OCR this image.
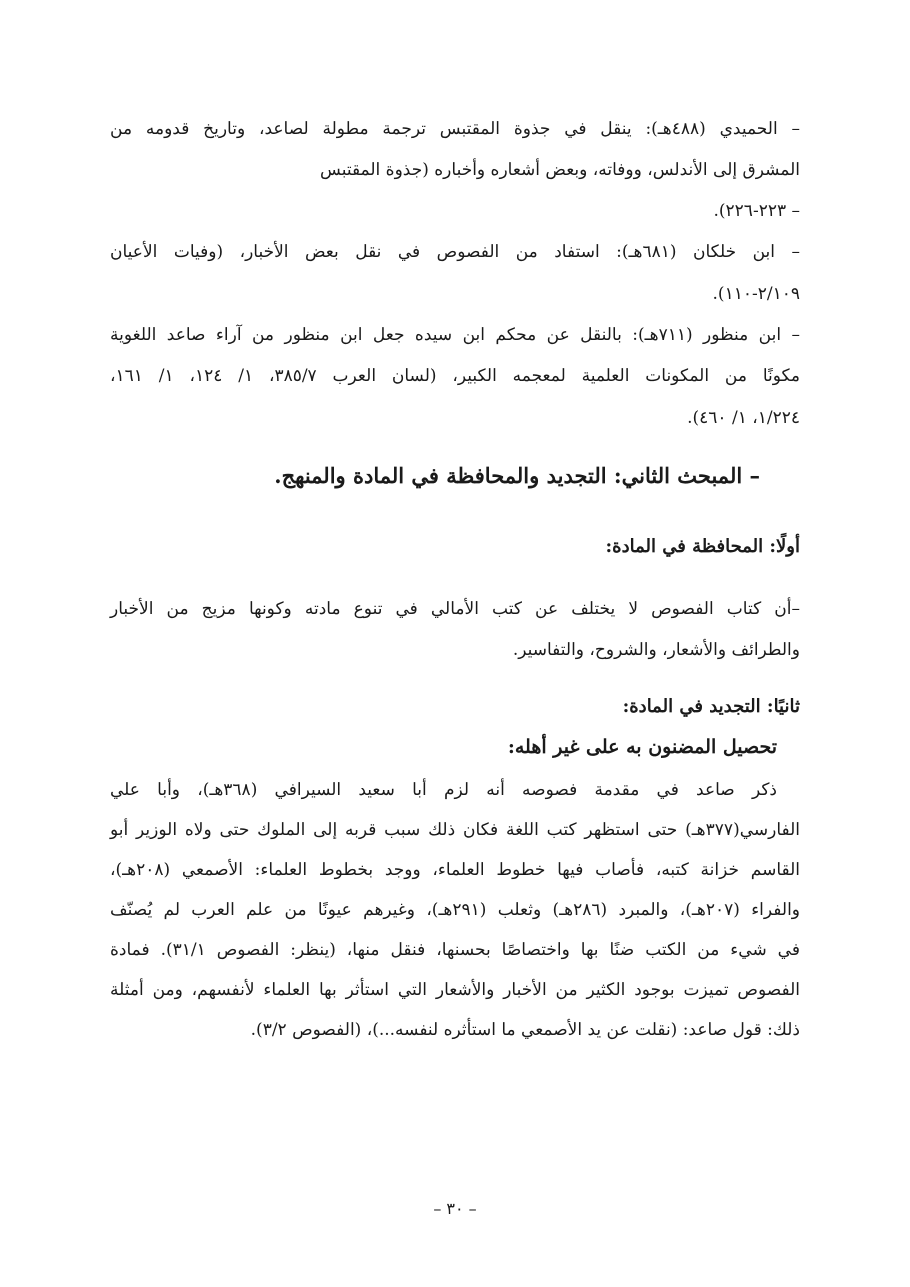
– الحميدي (٤٨٨هـ): ينقل في جذوة المقتبس ترجمة مطولة لصاعد، وتاريخ قدومه من
المشرق إلى الأندلس، ووفاته، وبعض أشعاره وأخباره (جذوة المقتبس
– ٢٢٣-٢٢٦).
– ابن خلكان (٦٨١هـ): استفاد من الفصوص في نقل بعض الأخبار، (وفيات الأعيان
٢/١٠٩-١١٠).
– ابن منظور (٧١١هـ): بالنقل عن محكم ابن سيده جعل ابن منظور من آراء صاعد اللغوية
مكونًا من المكونات العلمية لمعجمه الكبير، (لسان العرب ٣٨٥/٧، ١/ ١٢٤، ١/ ١٦١،
١/٢٢٤، ١/ ٤٦٠).
– المبحث الثاني: التجديد والمحافظة في المادة والمنهج.
أولًا: المحافظة في المادة:
–أن كتاب الفصوص لا يختلف عن كتب الأمالي في تنوع مادته وكونها مزيج من الأخبار
والطرائف والأشعار، والشروح، والتفاسير.
ثانيًا: التجديد في المادة:
تحصيل المضنون به على غير أهله:
ذكر صاعد في مقدمة فصوصه أنه لزم أبا سعيد السيرافي (٣٦٨هـ)، وأبا علي
الفارسي(٣٧٧هـ) حتى استظهر كتب اللغة فكان ذلك سبب قربه إلى الملوك حتى ولاه الوزير أبو
القاسم خزانة كتبه، فأصاب فيها خطوط العلماء، ووجد بخطوط العلماء: الأصمعي (٢٠٨هـ)،
والفراء (٢٠٧هـ)، والمبرد (٢٨٦هـ) وثعلب (٢٩١هـ)، وغيرهم عيونًا من علم العرب لم يُصنّف
في شيء من الكتب ضنًا بها واختصاصًا بحسنها، فنقل منها، (ينظر: الفصوص ٣١/١). فمادة
الفصوص تميزت بوجود الكثير من الأخبار والأشعار التي استأثر بها العلماء لأنفسهم، ومن أمثلة
ذلك: قول صاعد: (نقلت عن يد الأصمعي ما استأثره لنفسه...)، (الفصوص ٣/٢).
– ٣٠ –
